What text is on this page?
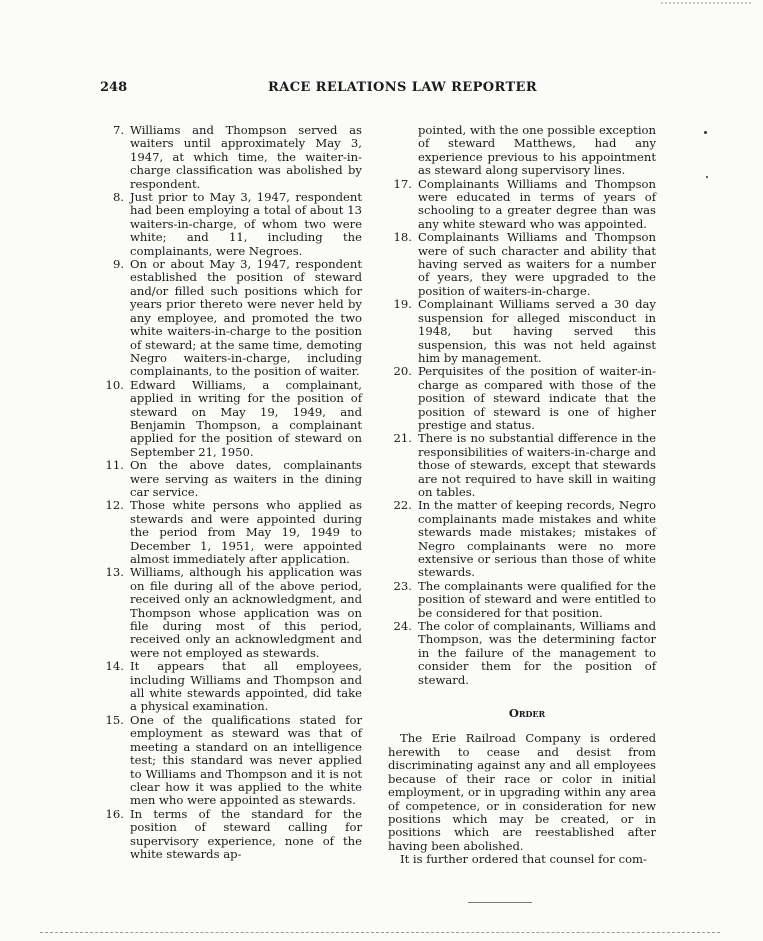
248	RACE RELATIONS LAW REPORTER
7. Williams and Thompson served as waiters until approximately May 3, 1947, at which time, the waiter-in-charge classification was abolished by respondent.
8. Just prior to May 3, 1947, respondent had been employing a total of about 13 waiters-in-charge, of whom two were white; and 11, including the complainants, were Negroes.
9. On or about May 3, 1947, respondent established the position of steward and/or filled such positions which for years prior thereto were never held by any employee, and promoted the two white waiters-in-charge to the position of steward; at the same time, demoting Negro waiters-in-charge, including complainants, to the position of waiter.
10. Edward Williams, a complainant, applied in writing for the position of steward on May 19, 1949, and Benjamin Thompson, a complainant applied for the position of steward on September 21, 1950.
11. On the above dates, complainants were serving as waiters in the dining car service.
12. Those white persons who applied as stewards and were appointed during the period from May 19, 1949 to December 1, 1951, were appointed almost immediately after application.
13. Williams, although his application was on file during all of the above period, received only an acknowledgment, and Thompson whose application was on file during most of this period, received only an acknowledgment and were not employed as stewards.
14. It appears that all employees, including Williams and Thompson and all white stewards appointed, did take a physical examination.
15. One of the qualifications stated for employment as steward was that of meeting a standard on an intelligence test; this standard was never applied to Williams and Thompson and it is not clear how it was applied to the white men who were appointed as stewards.
16. In terms of the standard for the position of steward calling for supervisory experience, none of the white stewards ap-

pointed, with the one possible exception of steward Matthews, had any experience previous to his appointment as steward along supervisory lines.

17. Complainants Williams and Thompson were educated in terms of years of schooling to a greater degree than was any white steward who was appointed.
18. Complainants Williams and Thompson were of such character and ability that having served as waiters for a number of years, they were upgraded to the position of waiters-in-charge.
19. Complainant Williams served a 30 day suspension for alleged misconduct in 1948, but having served this suspension, this was not held against him by management.
20. Perquisites of the position of waiter-in-charge as compared with those of the position of steward indicate that the position of steward is one of higher prestige and status.
21. There is no substantial difference in the responsibilities of waiters-in-charge and those of stewards, except that stewards are not required to have skill in waiting on tables.
22. In the matter of keeping records, Negro complainants made mistakes and white stewards made mistakes; mistakes of Negro complainants were no more extensive or serious than those of white stewards.
23. The complainants were qualified for the position of steward and were entitled to be considered for that position.
24. The color of complainants, Williams and Thompson, was the determining factor in the failure of the management to consider them for the position of steward.
Order

The Erie Railroad Company is ordered herewith to cease and desist from discriminating against any and all employees because of their race or color in initial employment, or in upgrading within any area of competence, or in consideration for new positions which may be created, or in positions which are reestablished after having been abolished.

It is further ordered that counsel for com-
